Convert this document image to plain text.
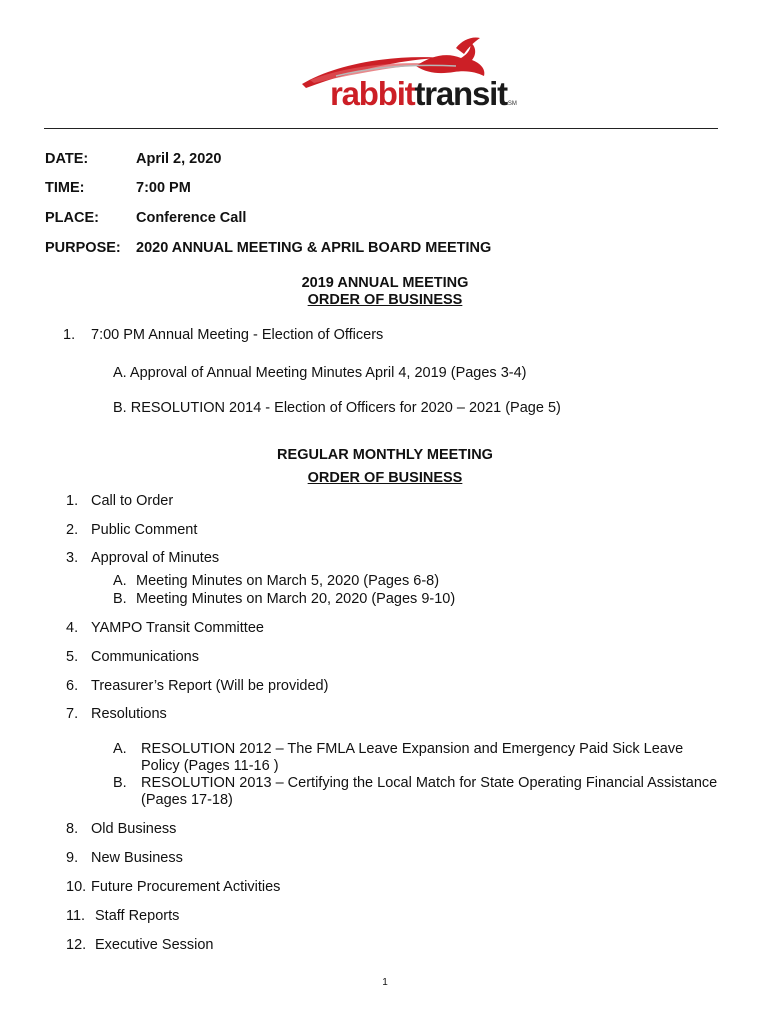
rabbittransitSM
DATE:	April 2, 2020
TIME:	7:00 PM
PLACE:	Conference Call
PURPOSE: 2020 ANNUAL MEETING & APRIL BOARD MEETING
2019 ANNUAL MEETING
ORDER OF BUSINESS
1. 7:00 PM Annual Meeting - Election of Officers
A. Approval of Annual Meeting Minutes April 4, 2019 (Pages 3-4)
B. RESOLUTION 2014 - Election of Officers for 2020 – 2021 (Page 5)
REGULAR MONTHLY MEETING
ORDER OF BUSINESS
1. Call to Order
2. Public Comment
3. Approval of Minutes
A. Meeting Minutes on March 5, 2020 (Pages 6-8)
B. Meeting Minutes on March 20, 2020 (Pages 9-10)
4. YAMPO Transit Committee
5. Communications
6. Treasurer’s Report (Will be provided)
7. Resolutions
A. RESOLUTION 2012 – The FMLA Leave Expansion and Emergency Paid Sick Leave
Policy (Pages 11-16 )
B. RESOLUTION 2013 – Certifying the Local Match for State Operating Financial Assistance
(Pages 17-18)
8. Old Business
9. New Business
10. Future Procurement Activities
11. Staff Reports
12. Executive Session
1
